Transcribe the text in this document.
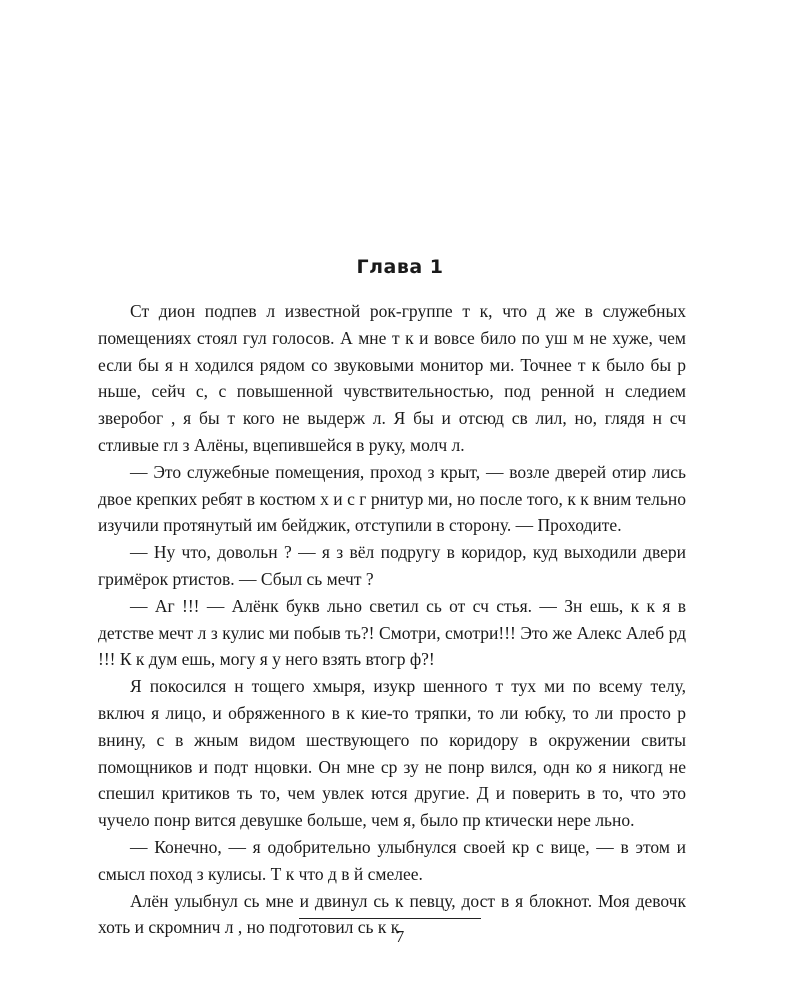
Глава 1

Ст дион подпев л известной рок-группе т к, что д же в служебных помещениях стоял гул голосов. А мне т к и вовсе било по уш м не хуже, чем если бы я н ходился рядом со звуковыми монитор ми. Точнее т к было бы р ньше, сейч с, с повышенной чувствительностью, под ренной н следием зверобог , я бы т кого не выдерж л. Я бы и отсюд св лил, но, глядя н сч стливые гл з Алёны, вцепившейся в руку, молч л.

— Это служебные помещения, проход з крыт, — возле дверей отир лись двое крепких ребят в костюм х и с г рнитур ми, но после того, к к вним тельно изучили протянутый им бейджик, отступили в сторону. — Проходите.

— Ну что, довольн ? — я з вёл подругу в коридор, куд выходили двери гримёрок ртистов. — Сбыл сь мечт ?

— Аг !!! — Алёнк букв льно светил сь от сч стья. — Зн ешь, к к я в детстве мечт л з кулис ми побыв ть?! Смотри, смотри!!! Это же Алекс Алеб рд !!! К к дум ешь, могу я у него взять втогр ф?!

Я покосился н тощего хмыря, изукр шенного т тух ми по всему телу, включ я лицо, и обряженного в к кие-то тряпки, то ли юбку, то ли просто р внину, с в жным видом шествующего по коридору в окружении свиты помощников и подт нцовки. Он мне ср зу не понр вился, одн ко я никогд не спешил критиков ть то, чем увлек ются другие. Д и поверить в то, что это чучело понр вится девушке больше, чем я, было пр ктически нере льно.

— Конечно, — я одобрительно улыбнулся своей кр с вице, — в этом и смысл поход з кулисы. Т к что д в й смелее.

Алён улыбнул сь мне и двинул сь к певцу, дост в я блокнот. Моя девочк хоть и скромнич л , но подготовил сь к к

7
